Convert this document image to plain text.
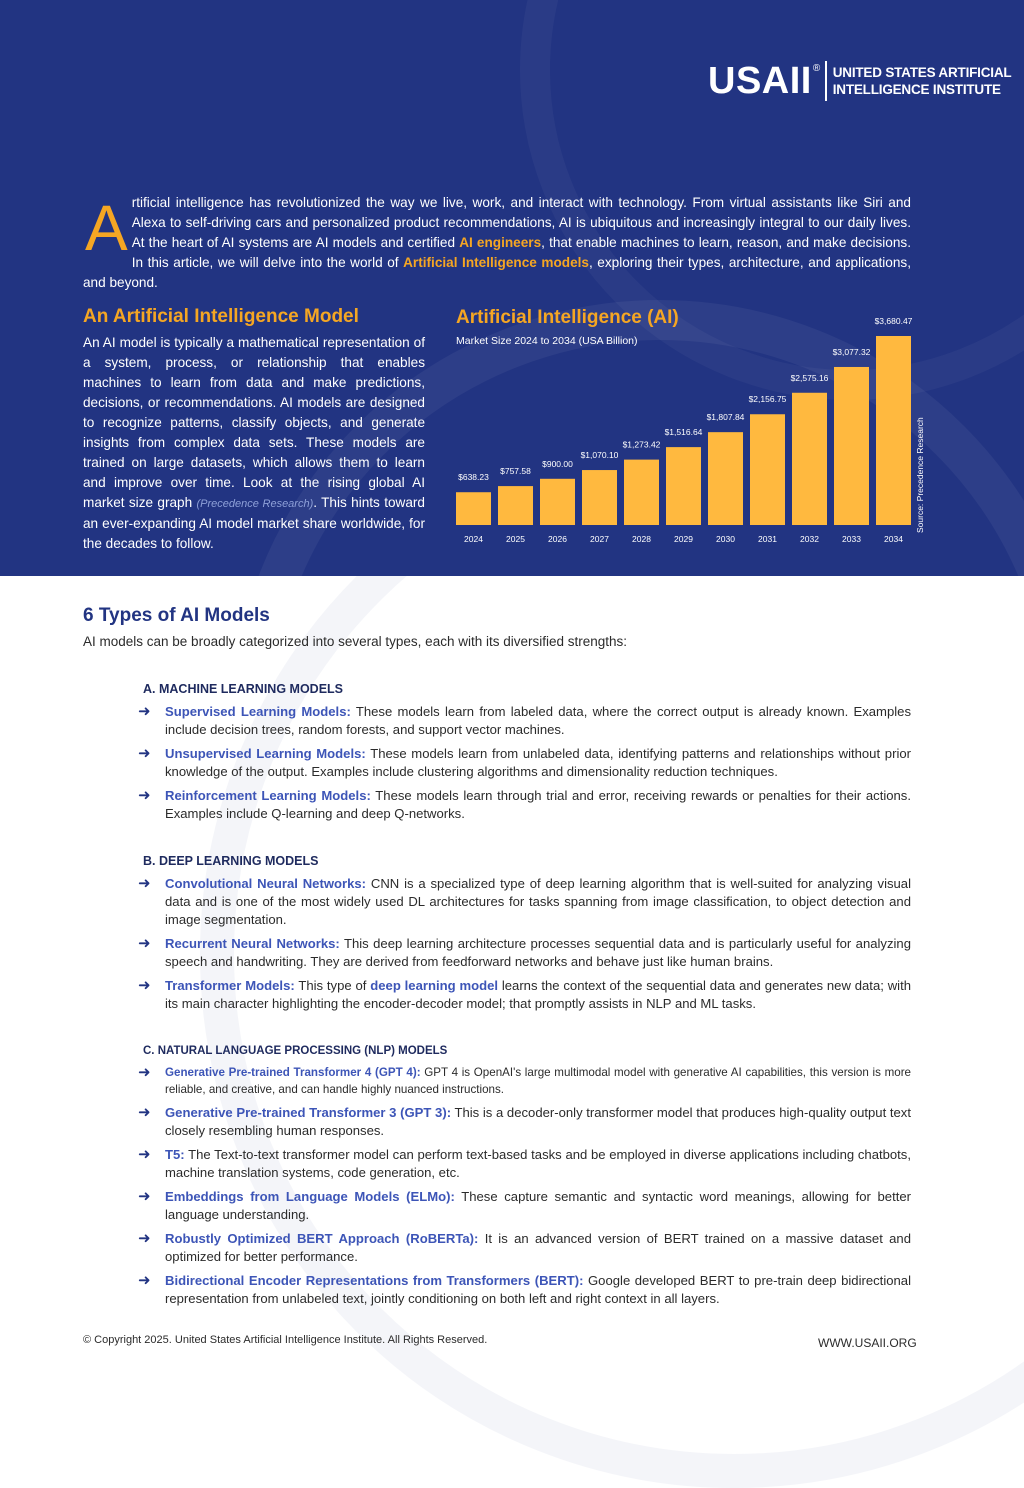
USAII ® UNITED STATES ARTIFICIAL
INTELLIGENCE INSTITUTE
Artificial intelligence has revolutionized the way we live, work, and interact with technology. From virtual assistants like Siri and Alexa to self-driving cars and personalized product recommendations, AI is ubiquitous and increasingly integral to our daily lives. At the heart of AI systems are AI models and certified AI engineers, that enable machines to learn, reason, and make decisions. In this article, we will delve into the world of Artificial Intelligence models, exploring their types, architecture, and applications, and beyond.
An Artificial Intelligence Model

An AI model is typically a mathematical representation of a system, process, or relationship that enables machines to learn from data and make predictions, decisions, or recommendations. AI models are designed to recognize patterns, classify objects, and generate insights from complex data sets. These models are trained on large datasets, which allows them to learn and improve over time. Look at the rising global AI market size graph (Precedence Research). This hints toward an ever-expanding AI model market share worldwide, for the decades to follow.

Artificial Intelligence (AI)

Market Size 2024 to 2034 (USA Billion)

$638.23
2024
$757.58
2025
$900.00
2026
$1,070.10
2027
$1,273.42
2028
$1,516.64
2029
$1,807.84
2030
$2,156.75
2031
$2,575.16
2032
$3,077.32
2033
$3,680.47
2034
Source: Precedence Research
6 Types of AI Models

AI models can be broadly categorized into several types, each with its diversified strengths:

A. MACHINE LEARNING MODELS

➜ Supervised Learning Models: These models learn from labeled data, where the correct output is already known. Examples include decision trees, random forests, and support vector machines.
➜ Unsupervised Learning Models: These models learn from unlabeled data, identifying patterns and relationships without prior knowledge of the output. Examples include clustering algorithms and dimensionality reduction techniques.
➜ Reinforcement Learning Models: These models learn through trial and error, receiving rewards or penalties for their actions. Examples include Q-learning and deep Q-networks.

B. DEEP LEARNING MODELS

➜ Convolutional Neural Networks: CNN is a specialized type of deep learning algorithm that is well-suited for analyzing visual data and is one of the most widely used DL architectures for tasks spanning from image classification, to object detection and image segmentation.
➜ Recurrent Neural Networks: This deep learning architecture processes sequential data and is particularly useful for analyzing speech and handwriting. They are derived from feedforward networks and behave just like human brains.
➜ Transformer Models: This type of deep learning model learns the context of the sequential data and generates new data; with its main character highlighting the encoder-decoder model; that promptly assists in NLP and ML tasks.

C. NATURAL LANGUAGE PROCESSING (NLP) MODELS

➜ Generative Pre-trained Transformer 4 (GPT 4): GPT 4 is OpenAI's large multimodal model with generative AI capabilities, this version is more reliable, and creative, and can handle highly nuanced instructions.
➜ Generative Pre-trained Transformer 3 (GPT 3): This is a decoder-only transformer model that produces high-quality output text closely resembling human responses.
➜ T5: The Text-to-text transformer model can perform text-based tasks and be employed in diverse applications including chatbots, machine translation systems, code generation, etc.
➜ Embeddings from Language Models (ELMo): These capture semantic and syntactic word meanings, allowing for better language understanding.
➜ Robustly Optimized BERT Approach (RoBERTa): It is an advanced version of BERT trained on a massive dataset and optimized for better performance.
➜ Bidirectional Encoder Representations from Transformers (BERT): Google developed BERT to pre-train deep bidirectional representation from unlabeled text, jointly conditioning on both left and right context in all layers.
© Copyright 2025. United States Artificial Intelligence Institute. All Rights Reserved.	WWW.USAII.ORG
